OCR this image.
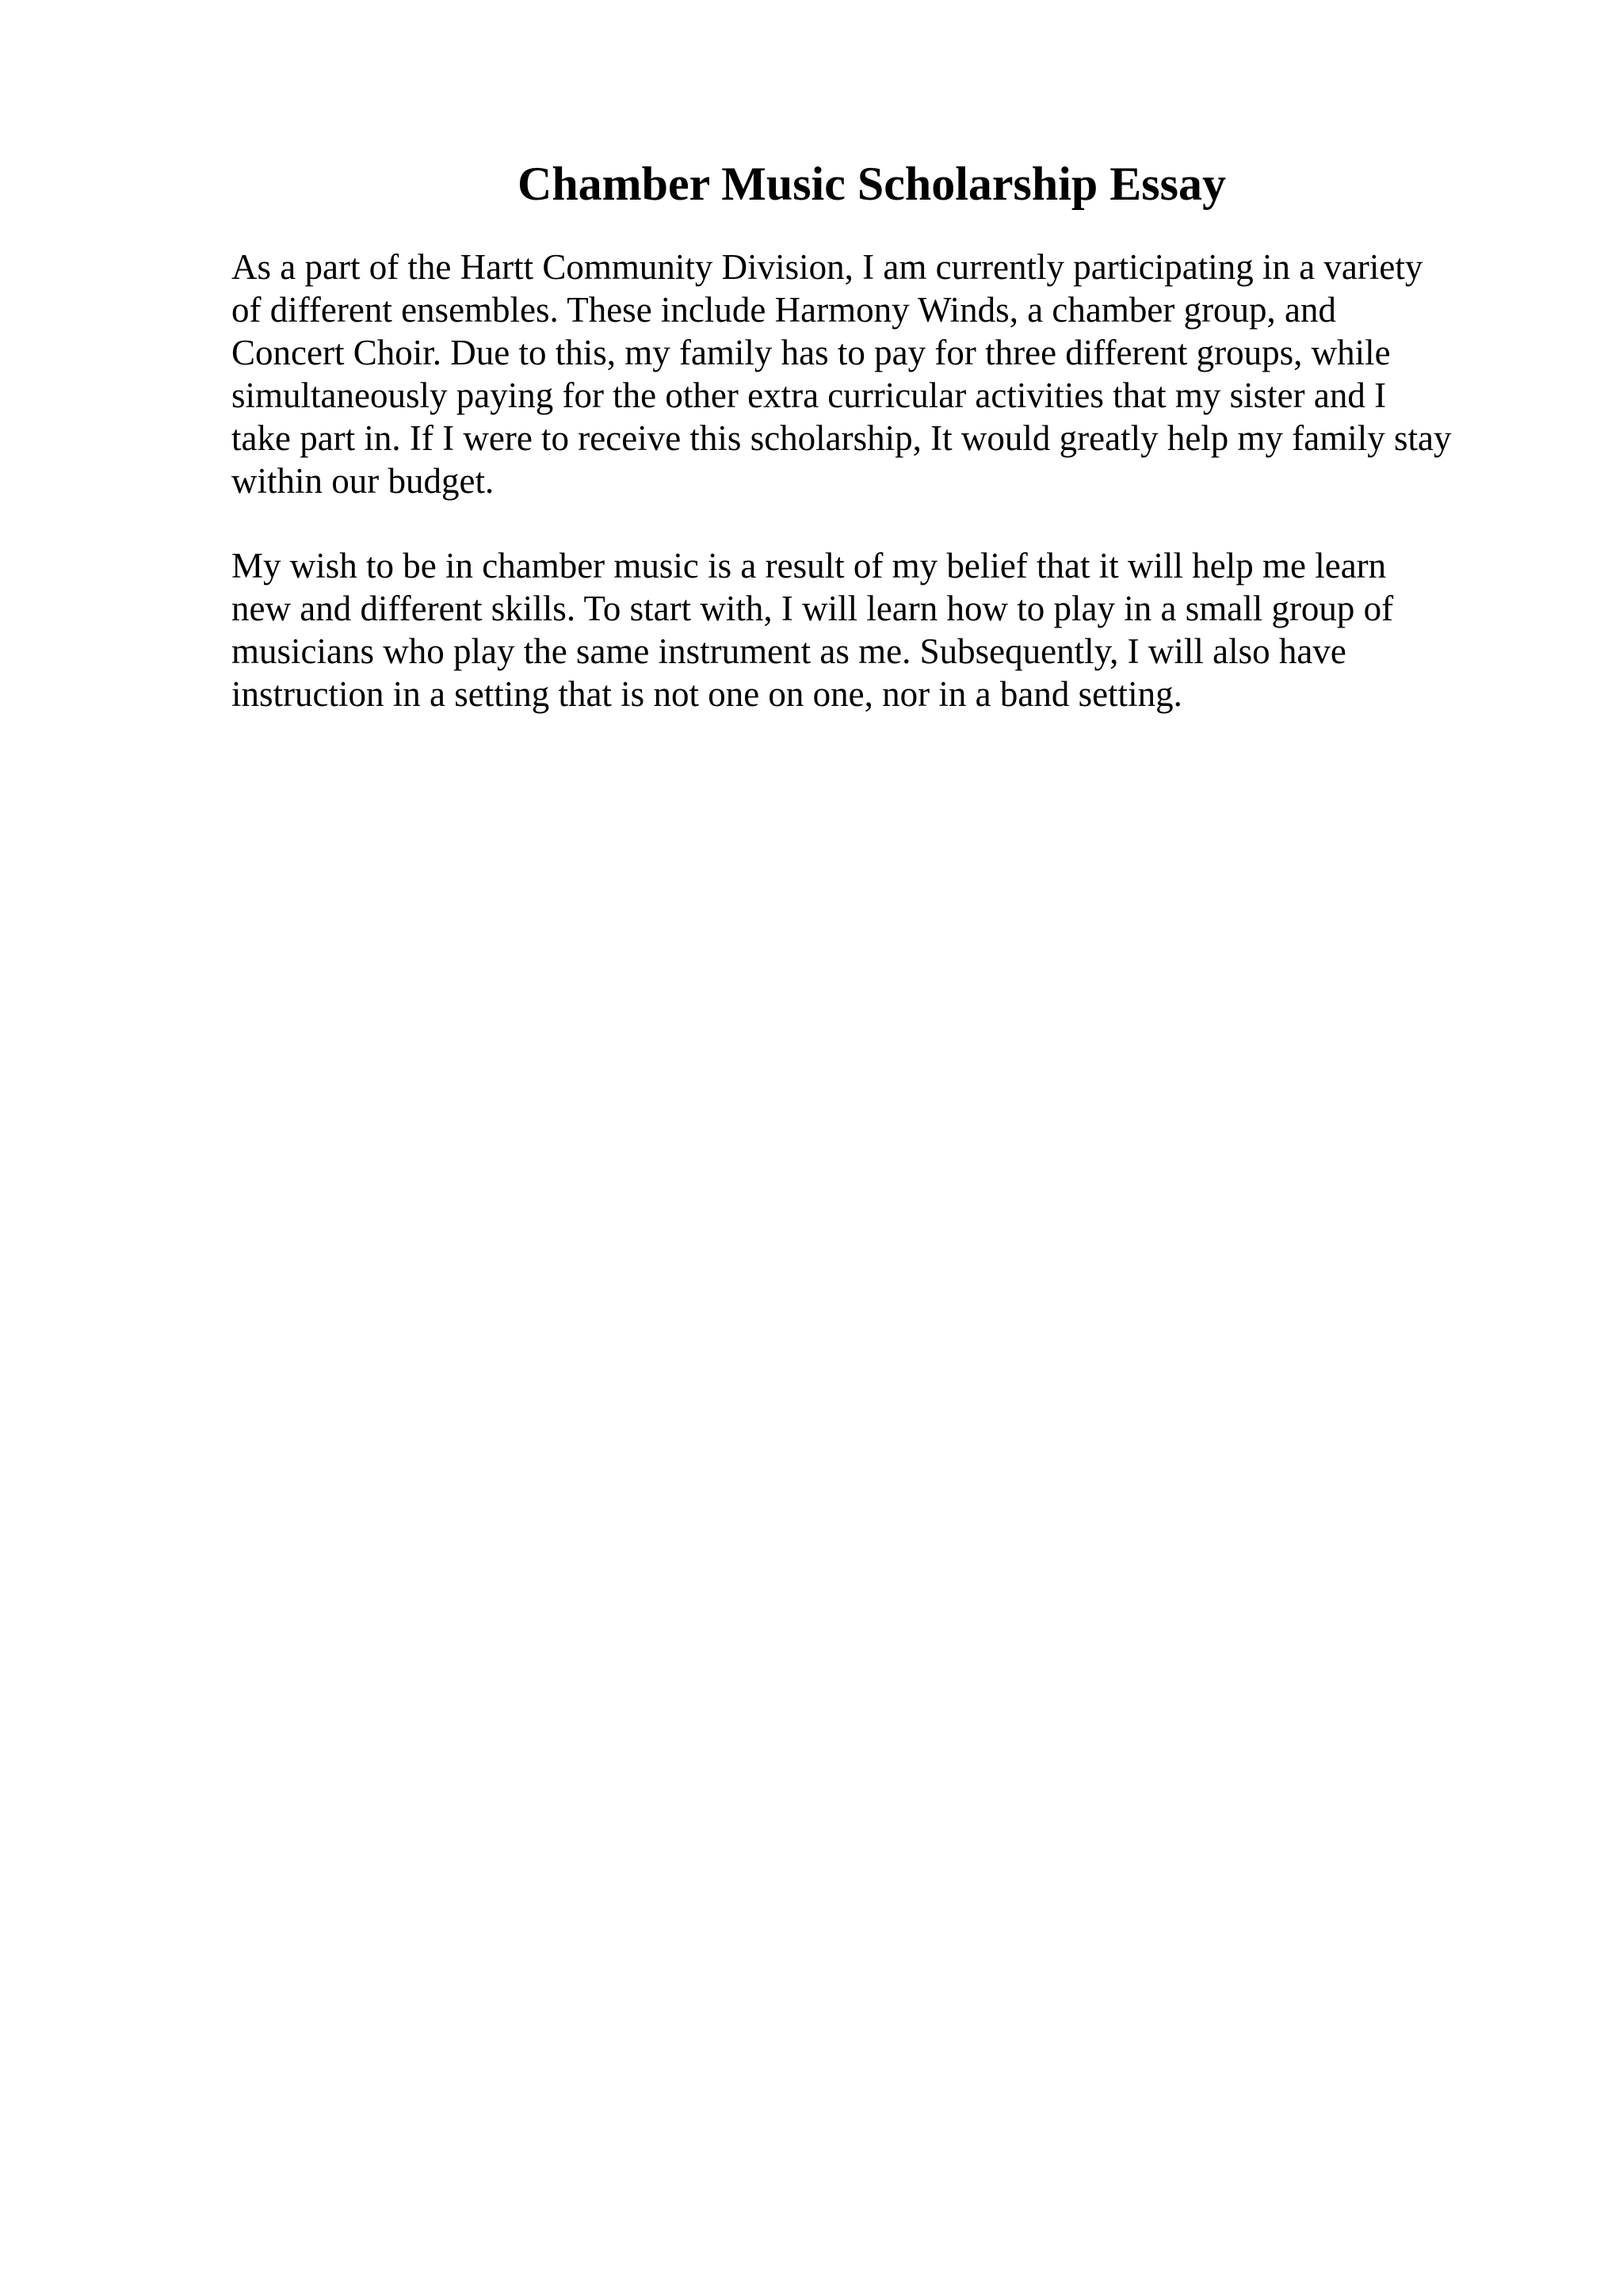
Chamber Music Scholarship Essay

As a part of the Hartt Community Division, I am currently participating in a variety
of different ensembles. These include Harmony Winds, a chamber group, and
Concert Choir. Due to this, my family has to pay for three different groups, while
simultaneously paying for the other extra curricular activities that my sister and I
take part in. If I were to receive this scholarship, It would greatly help my family stay
within our budget.

My wish to be in chamber music is a result of my belief that it will help me learn
new and different skills. To start with, I will learn how to play in a small group of
musicians who play the same instrument as me. Subsequently, I will also have
instruction in a setting that is not one on one, nor in a band setting.
